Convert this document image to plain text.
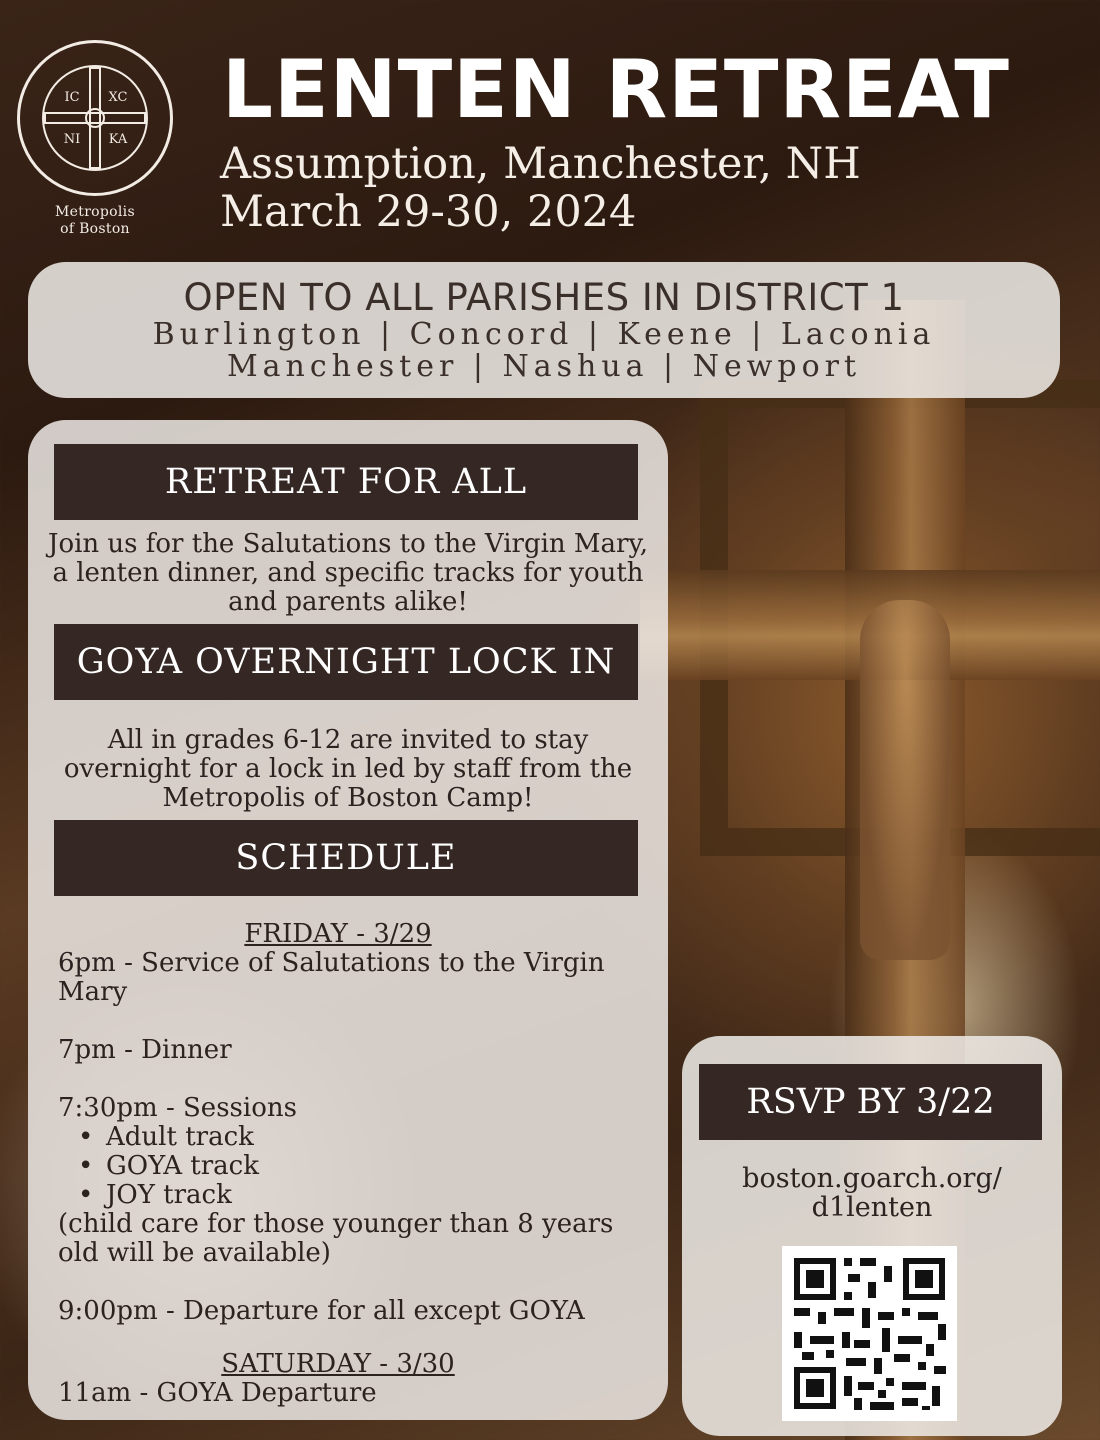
IC XC
NI KA
Metropolis
of Boston
LENTEN RETREAT
Assumption, Manchester, NH
March 29-30, 2024
OPEN TO ALL PARISHES IN DISTRICT 1
Burlington | Concord | Keene | Laconia
Manchester | Nashua | Newport
RETREAT FOR ALL
Join us for the Salutations to the Virgin Mary, a lenten dinner, and specific tracks for youth and parents alike!
GOYA OVERNIGHT LOCK IN
All in grades 6-12 are invited to stay overnight for a lock in led by staff from the Metropolis of Boston Camp!
SCHEDULE

FRIDAY - 3/29

6pm - Service of Salutations to the Virgin Mary

7pm - Dinner

7:30pm - Sessions

• Adult track
• GOYA track
• JOY track

(child care for those younger than 8 years old will be available)

9:00pm - Departure for all except GOYA

SATURDAY - 3/30

11am - GOYA Departure

RSVP BY 3/22
boston.goarch.org/
d1lenten
